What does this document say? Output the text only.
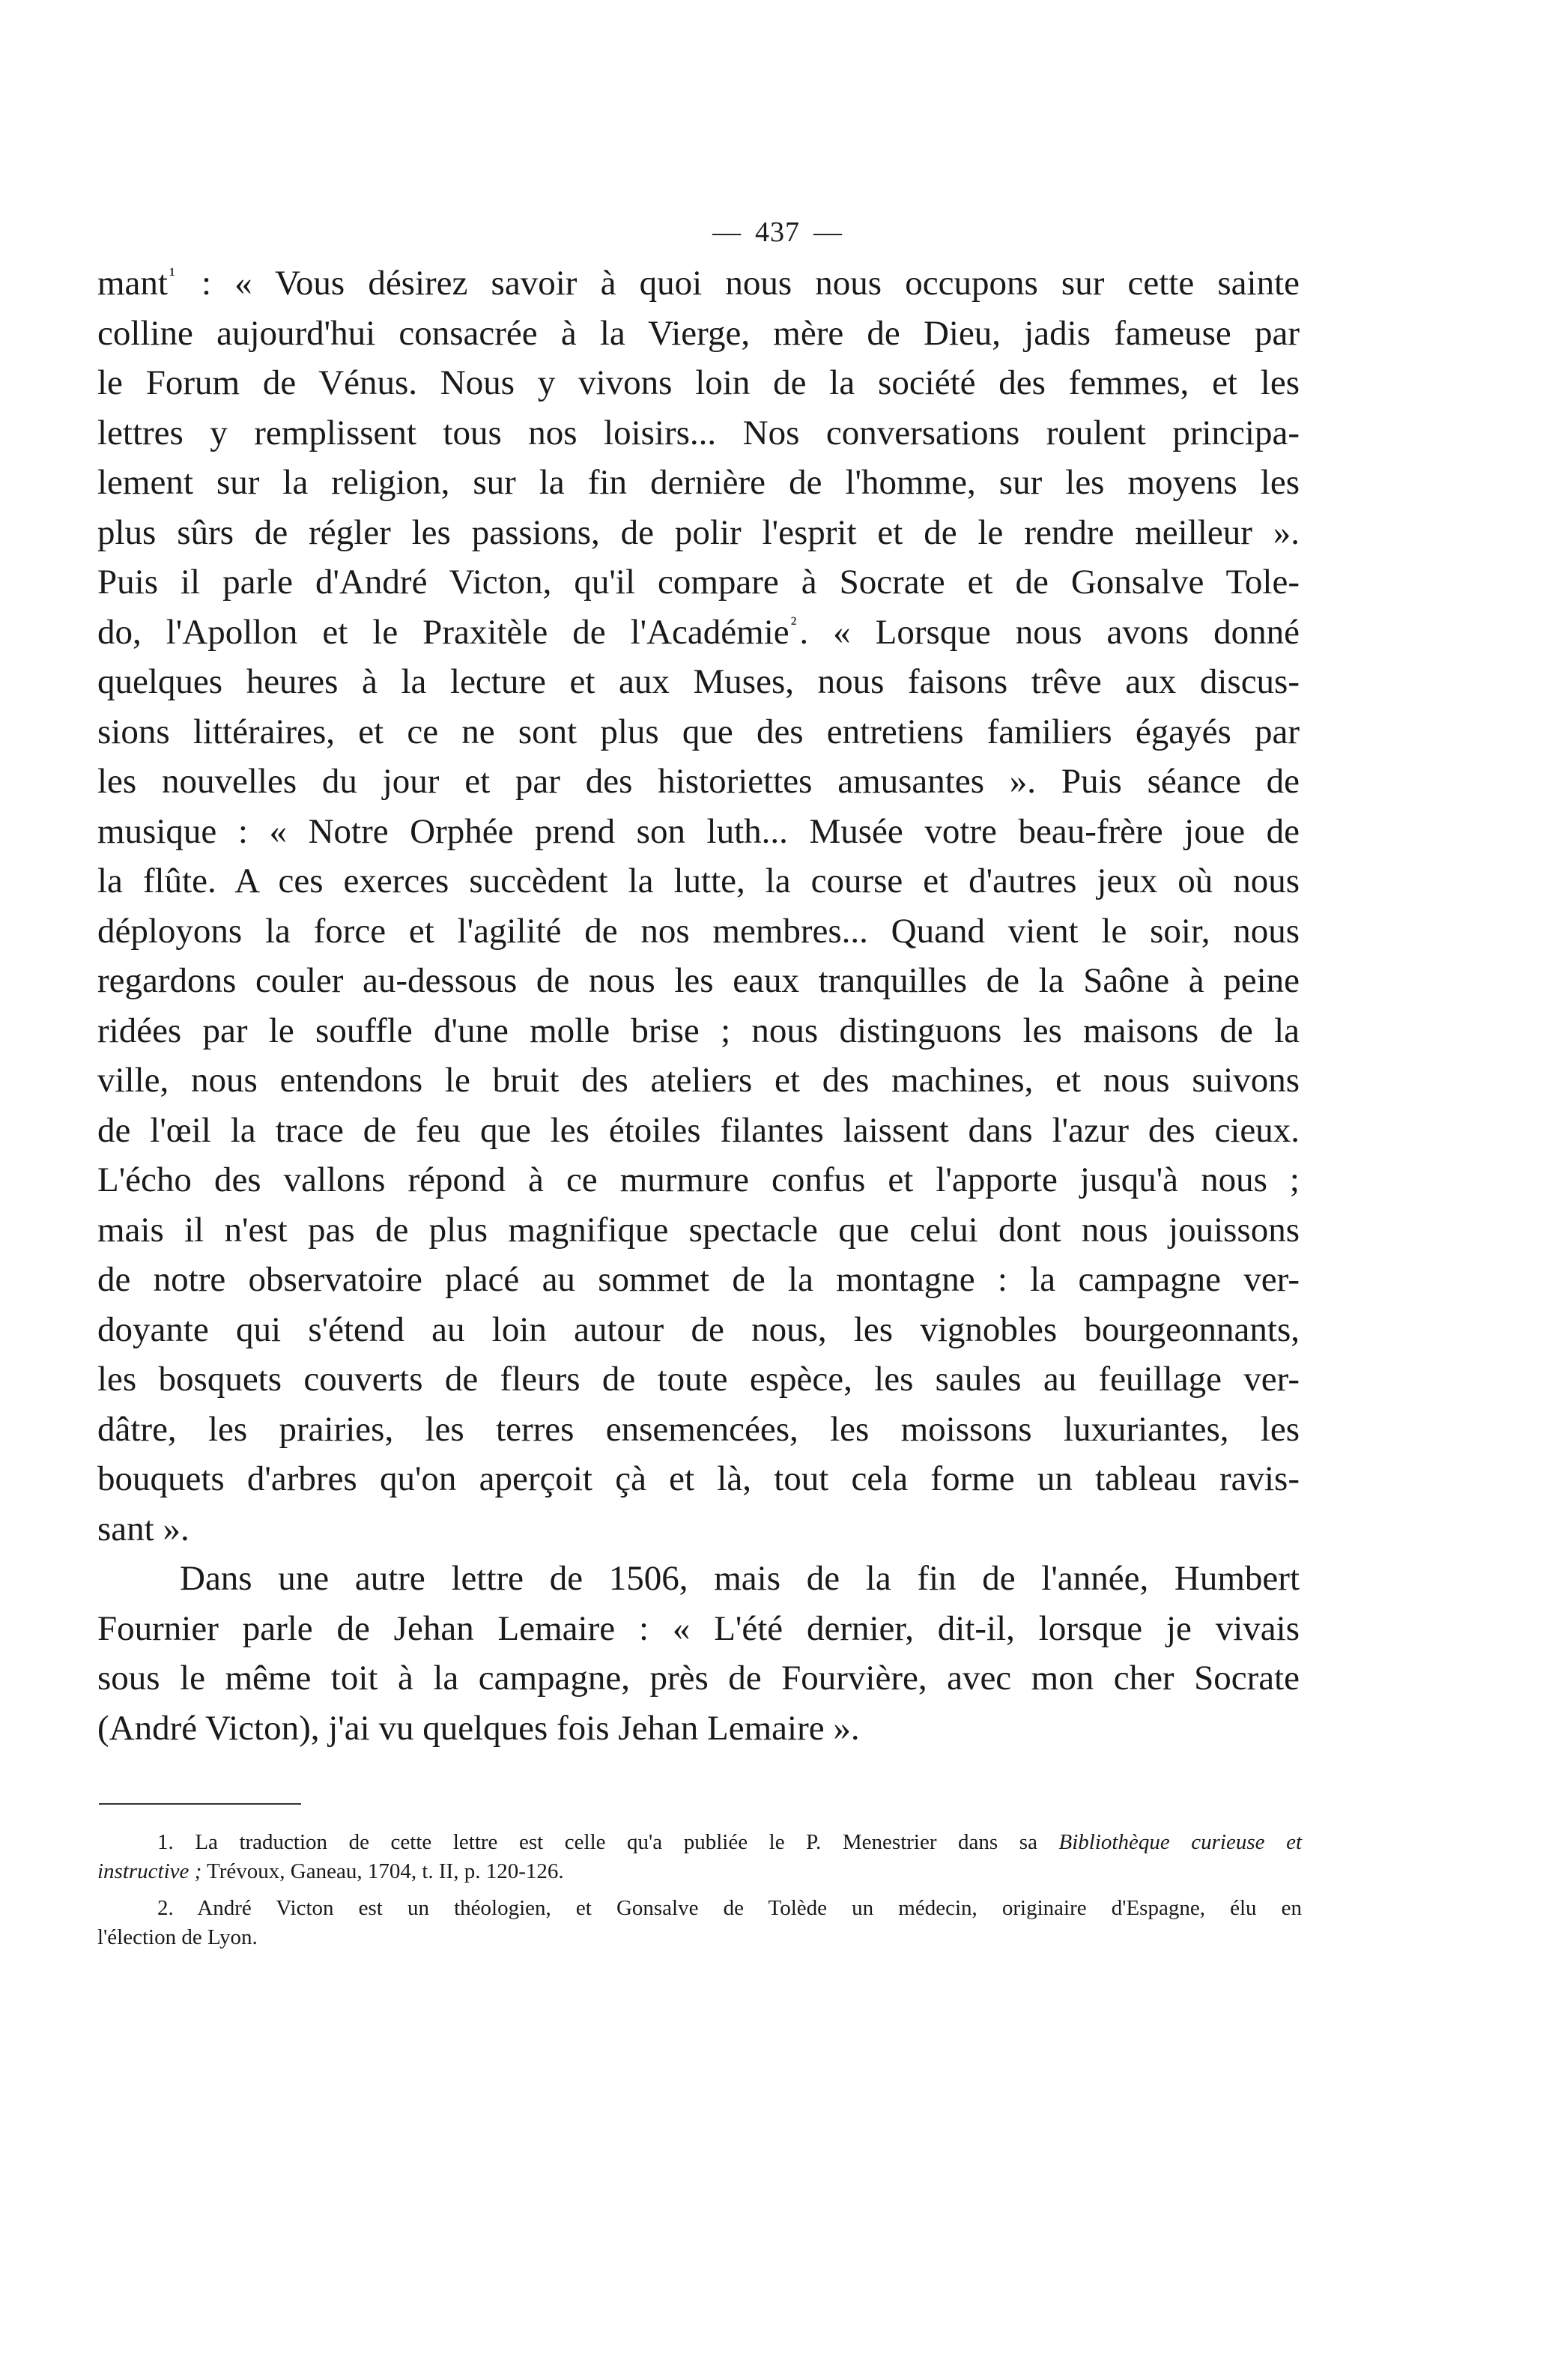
— 437 —
mant$^{^1}$ : « Vous désirez savoir à quoi nous nous occupons sur cette sainte
colline aujourd'hui consacrée à la Vierge, mère de Dieu, jadis fameuse par
le Forum de Vénus. Nous y vivons loin de la société des femmes, et les
lettres y remplissent tous nos loisirs... Nos conversations roulent principa-
lement sur la religion, sur la fin dernière de l'homme, sur les moyens les
plus sûrs de régler les passions, de polir l'esprit et de le rendre meilleur ».
Puis il parle d'André Victon, qu'il compare à Socrate et de Gonsalve Tole-
do, l'Apollon et le Praxitèle de l'Académie$^{^2}$. « Lorsque nous avons donné
quelques heures à la lecture et aux Muses, nous faisons trêve aux discus-
sions littéraires, et ce ne sont plus que des entretiens familiers égayés par
les nouvelles du jour et par des historiettes amusantes ». Puis séance de
musique : « Notre Orphée prend son luth... Musée votre beau-frère joue de
la flûte. A ces exerces succèdent la lutte, la course et d'autres jeux où nous
déployons la force et l'agilité de nos membres... Quand vient le soir, nous
regardons couler au-dessous de nous les eaux tranquilles de la Saône à peine
ridées par le souffle d'une molle brise ; nous distinguons les maisons de la
ville, nous entendons le bruit des ateliers et des machines, et nous suivons
de l'œil la trace de feu que les étoiles filantes laissent dans l'azur des cieux.
L'écho des vallons répond à ce murmure confus et l'apporte jusqu'à nous ;
mais il n'est pas de plus magnifique spectacle que celui dont nous jouissons
de notre observatoire placé au sommet de la montagne : la campagne ver-
doyante qui s'étend au loin autour de nous, les vignobles bourgeonnants,
les bosquets couverts de fleurs de toute espèce, les saules au feuillage ver-
dâtre, les prairies, les terres ensemencées, les moissons luxuriantes, les
bouquets d'arbres qu'on aperçoit çà et là, tout cela forme un tableau ravis-
sant ».
Dans une autre lettre de 1506, mais de la fin de l'année, Humbert
Fournier parle de Jehan Lemaire : « L'été dernier, dit-il, lorsque je vivais
sous le même toit à la campagne, près de Fourvière, avec mon cher Socrate
(André Victon), j'ai vu quelques fois Jehan Lemaire ».
1. La traduction de cette lettre est celle qu'a publiée le P. Menestrier dans sa Bibliothèque curieuse et
instructive ; Trévoux, Ganeau, 1704, t. II, p. 120-126.
2. André Victon est un théologien, et Gonsalve de Tolède un médecin, originaire d'Espagne, élu en
l'élection de Lyon.
